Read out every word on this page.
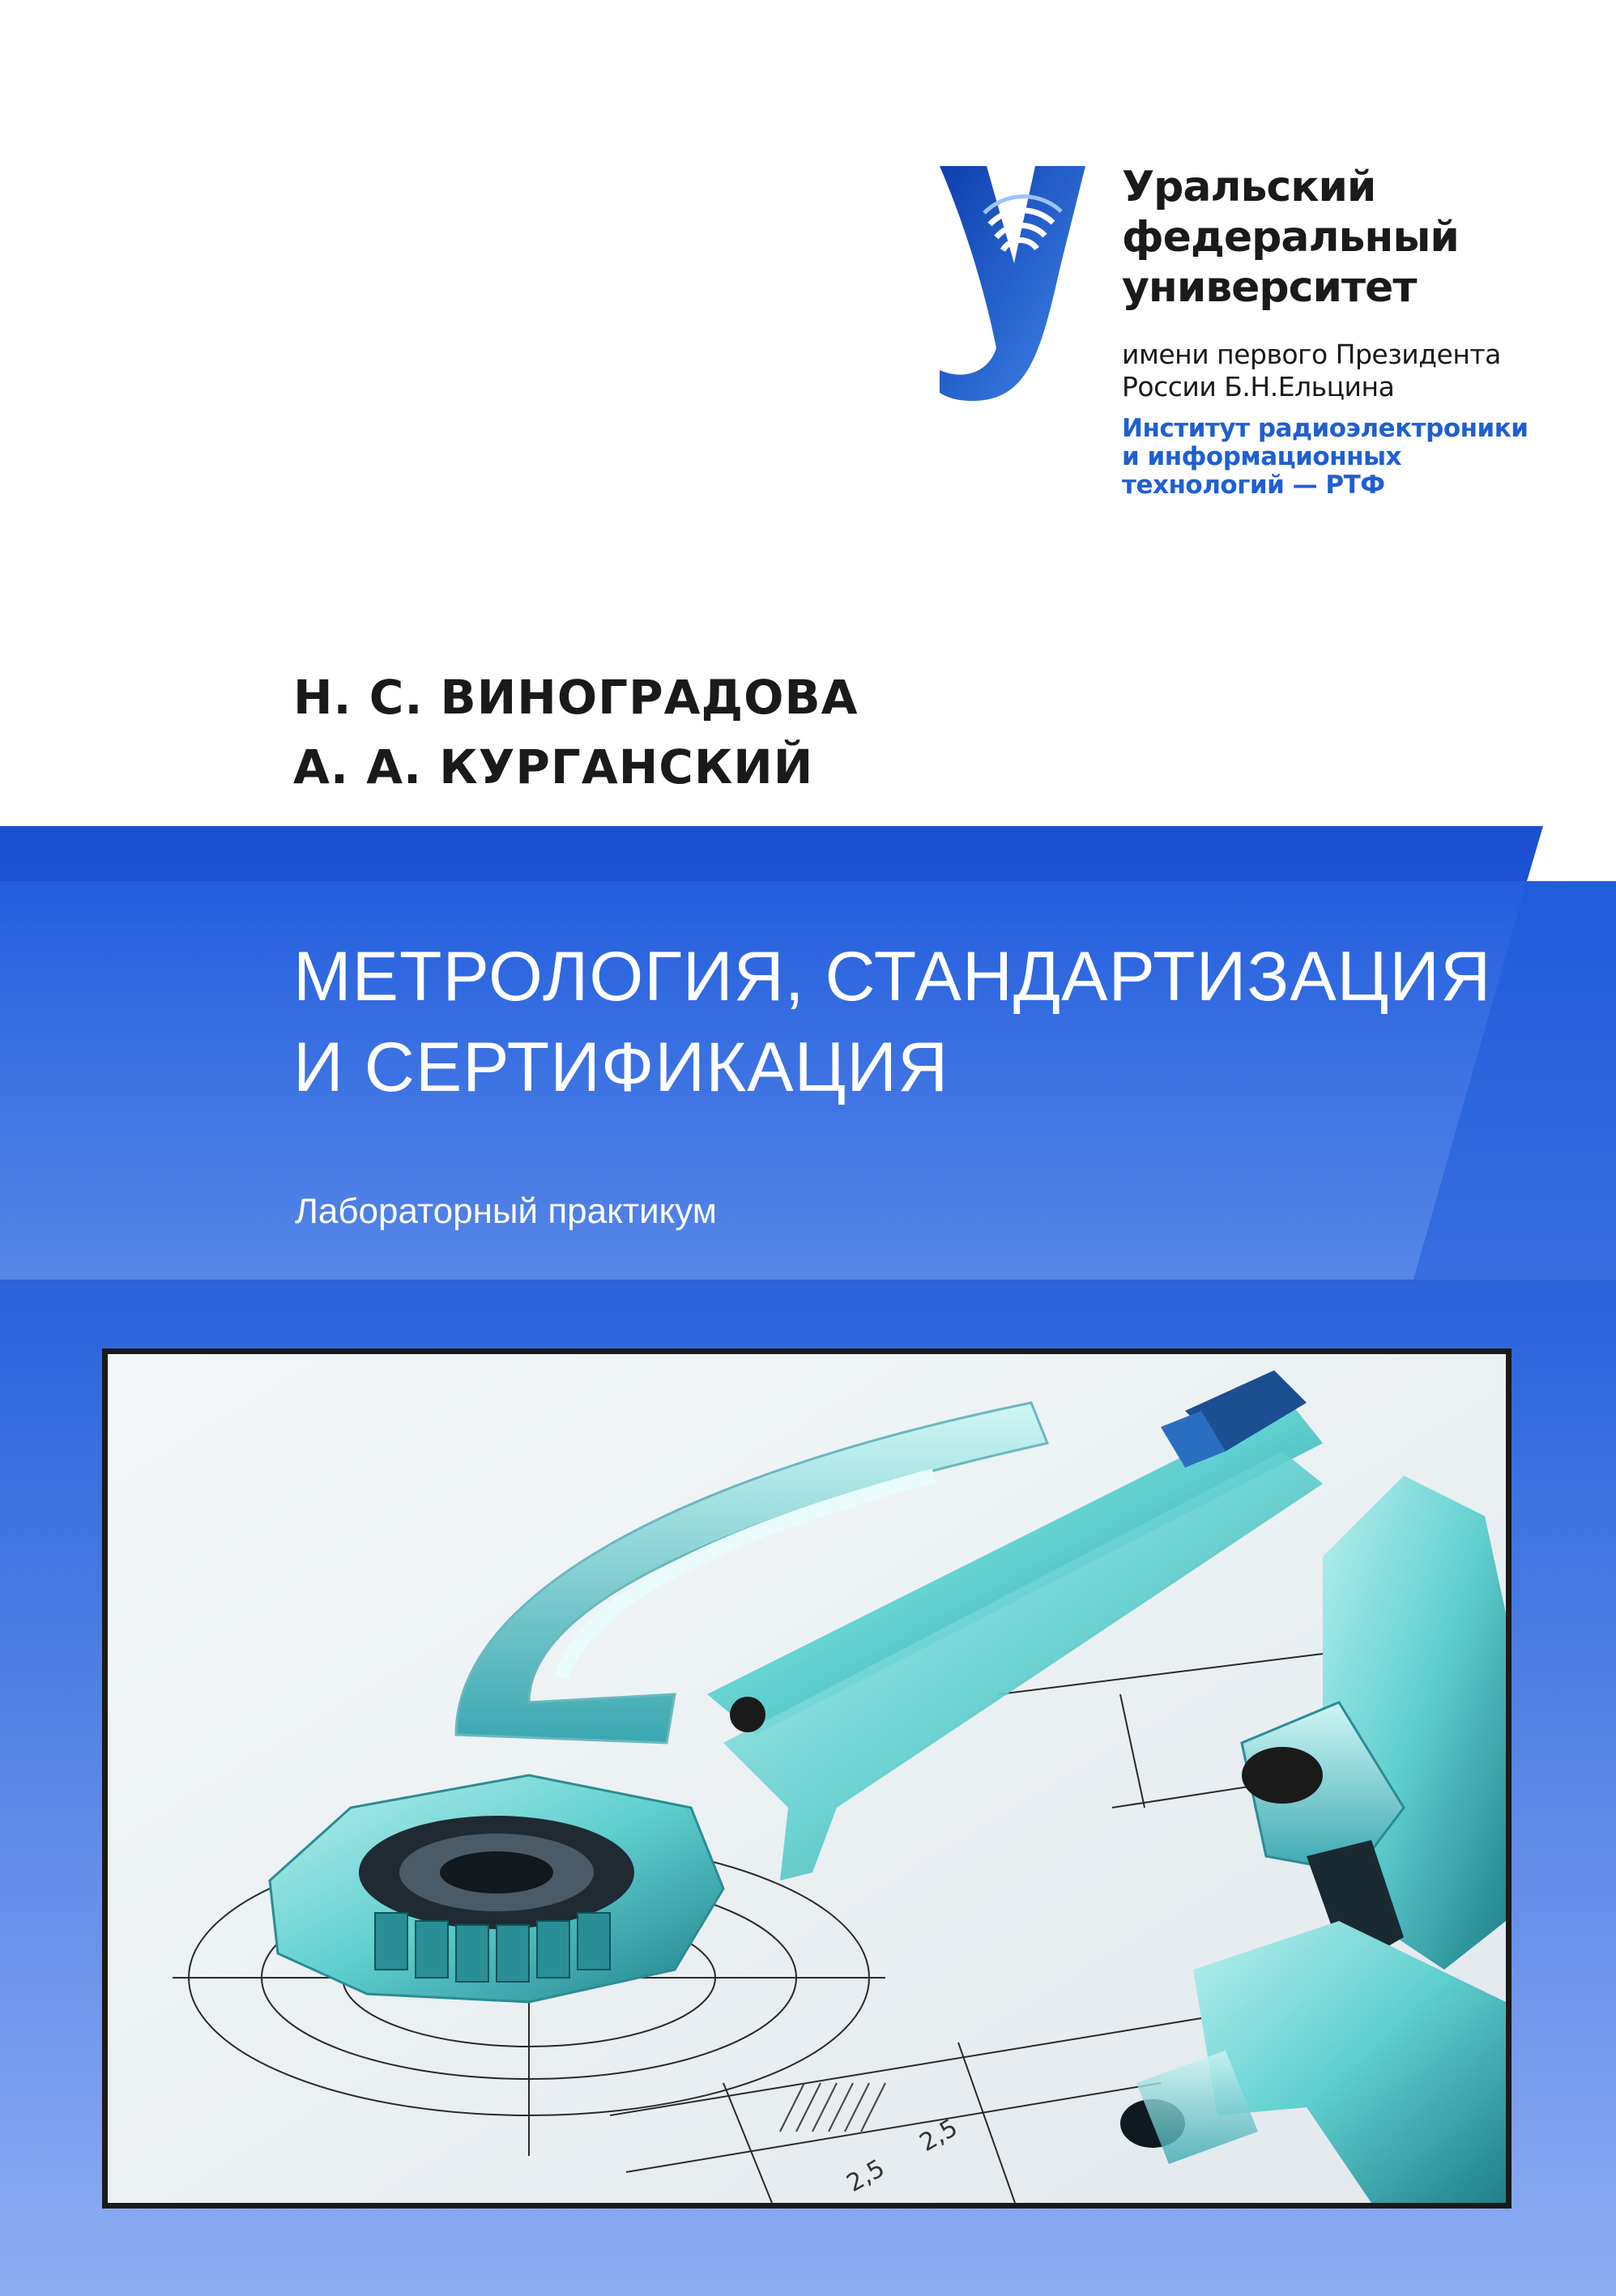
Уральский
федеральный
университет
имени первого Президента
России Б.Н.Ельцина
Институт радиоэлектроники
и информационных
технологий — РТФ
Н. С. ВИНОГРАДОВА
А. А. КУРГАНСКИЙ
МЕТРОЛОГИЯ, СТАНДАРТИЗАЦИЯ
И СЕРТИФИКАЦИЯ
Лабораторный практикум
2,5
2,5
